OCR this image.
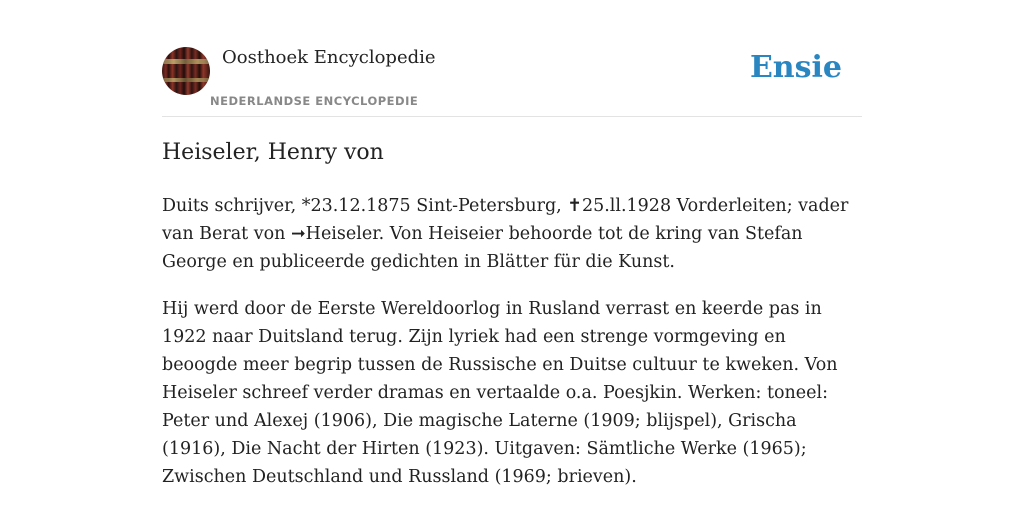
Oosthoek Encyclopedie
NEDERLANDSE ENCYCLOPEDIE
Ensie
Heiseler, Henry von

Duits schrijver, *23.12.1875 Sint-Petersburg, ✝25.ll.1928 Vorderleiten; vader van Berat von ➞Heiseler. Von Heiseier behoorde tot de kring van Stefan George en publiceerde gedichten in Blätter für die Kunst.

Hij werd door de Eerste Wereldoorlog in Rusland verrast en keerde pas in 1922 naar Duitsland terug. Zijn lyriek had een strenge vormgeving en beoogde meer begrip tussen de Russische en Duitse cultuur te kweken. Von Heiseler schreef verder dramas en vertaalde o.a. Poesjkin. Werken: toneel: Peter und Alexej (1906), Die magische Laterne (1909; blijspel), Grischa (1916), Die Nacht der Hirten (1923). Uitgaven: Sämtliche Werke (1965); Zwischen Deutschland und Russland (1969; brieven).
